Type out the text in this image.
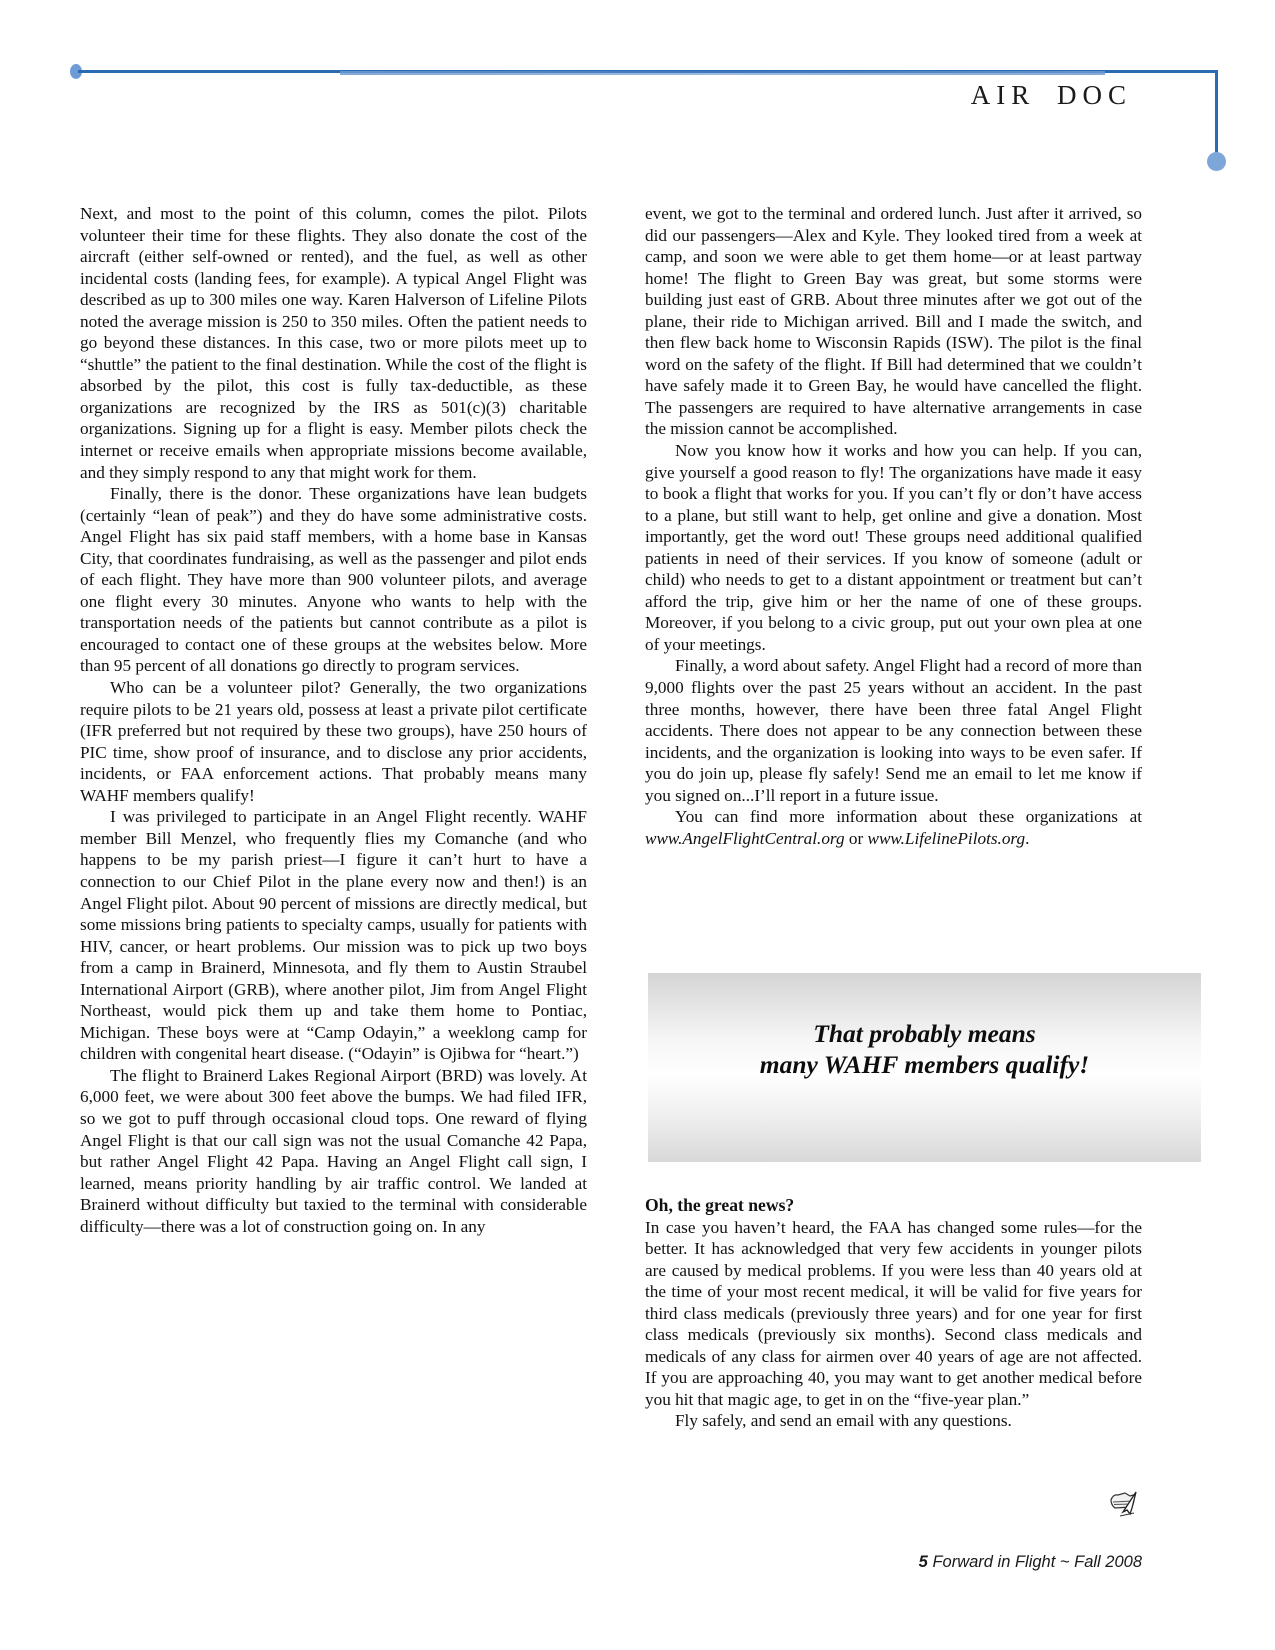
AIR DOC

Next, and most to the point of this column, comes the pilot. Pilots volunteer their time for these flights. They also donate the cost of the aircraft (either self-owned or rented), and the fuel, as well as other incidental costs (landing fees, for example). A typical Angel Flight was described as up to 300 miles one way. Karen Halverson of Lifeline Pilots noted the average mission is 250 to 350 miles. Often the patient needs to go beyond these distances. In this case, two or more pilots meet up to “shuttle” the patient to the final destination. While the cost of the flight is absorbed by the pilot, this cost is fully tax-deductible, as these organizations are recognized by the IRS as 501(c)(3) charitable organizations. Signing up for a flight is easy. Member pilots check the internet or receive emails when appropriate missions become available, and they simply respond to any that might work for them.

Finally, there is the donor. These organizations have lean budgets (certainly “lean of peak”) and they do have some administrative costs. Angel Flight has six paid staff members, with a home base in Kansas City, that coordinates fundraising, as well as the passenger and pilot ends of each flight. They have more than 900 volunteer pilots, and average one flight every 30 minutes. Anyone who wants to help with the transportation needs of the patients but cannot contribute as a pilot is encouraged to contact one of these groups at the websites below. More than 95 percent of all donations go directly to program services.

Who can be a volunteer pilot? Generally, the two organizations require pilots to be 21 years old, possess at least a private pilot certificate (IFR preferred but not required by these two groups), have 250 hours of PIC time, show proof of insurance, and to disclose any prior accidents, incidents, or FAA enforcement actions. That probably means many WAHF members qualify!

I was privileged to participate in an Angel Flight recently. WAHF member Bill Menzel, who frequently flies my Comanche (and who happens to be my parish priest—I figure it can’t hurt to have a connection to our Chief Pilot in the plane every now and then!) is an Angel Flight pilot. About 90 percent of missions are directly medical, but some missions bring patients to specialty camps, usually for patients with HIV, cancer, or heart problems. Our mission was to pick up two boys from a camp in Brainerd, Minnesota, and fly them to Austin Straubel International Airport (GRB), where another pilot, Jim from Angel Flight Northeast, would pick them up and take them home to Pontiac, Michigan. These boys were at “Camp Odayin,” a weeklong camp for children with congenital heart disease. (“Odayin” is Ojibwa for “heart.”)

The flight to Brainerd Lakes Regional Airport (BRD) was lovely. At 6,000 feet, we were about 300 feet above the bumps. We had filed IFR, so we got to puff through occasional cloud tops. One reward of flying Angel Flight is that our call sign was not the usual Comanche 42 Papa, but rather Angel Flight 42 Papa. Having an Angel Flight call sign, I learned, means priority handling by air traffic control. We landed at Brainerd without difficulty but taxied to the terminal with considerable difficulty—there was a lot of construction going on. In any

event, we got to the terminal and ordered lunch. Just after it arrived, so did our passengers—Alex and Kyle. They looked tired from a week at camp, and soon we were able to get them home—or at least partway home! The flight to Green Bay was great, but some storms were building just east of GRB. About three minutes after we got out of the plane, their ride to Michigan arrived. Bill and I made the switch, and then flew back home to Wisconsin Rapids (ISW). The pilot is the final word on the safety of the flight. If Bill had determined that we couldn’t have safely made it to Green Bay, he would have cancelled the flight. The passengers are required to have alternative arrangements in case the mission cannot be accomplished.

Now you know how it works and how you can help. If you can, give yourself a good reason to fly! The organizations have made it easy to book a flight that works for you. If you can’t fly or don’t have access to a plane, but still want to help, get online and give a donation. Most importantly, get the word out! These groups need additional qualified patients in need of their services. If you know of someone (adult or child) who needs to get to a distant appointment or treatment but can’t afford the trip, give him or her the name of one of these groups. Moreover, if you belong to a civic group, put out your own plea at one of your meetings.

Finally, a word about safety. Angel Flight had a record of more than 9,000 flights over the past 25 years without an accident. In the past three months, however, there have been three fatal Angel Flight accidents. There does not appear to be any connection between these incidents, and the organization is looking into ways to be even safer. If you do join up, please fly safely! Send me an email to let me know if you signed on...I’ll report in a future issue.

You can find more information about these organizations at www.AngelFlightCentral.org or www.LifelinePilots.org.

That probably means
many WAHF members qualify!

Oh, the great news?

In case you haven’t heard, the FAA has changed some rules—for the better. It has acknowledged that very few accidents in younger pilots are caused by medical problems. If you were less than 40 years old at the time of your most recent medical, it will be valid for five years for third class medicals (previously three years) and for one year for first class medicals (previously six months). Second class medicals and medicals of any class for airmen over 40 years of age are not affected. If you are approaching 40, you may want to get another medical before you hit that magic age, to get in on the “five-year plan.”

Fly safely, and send an email with any questions.

5 Forward in Flight ~ Fall 2008
